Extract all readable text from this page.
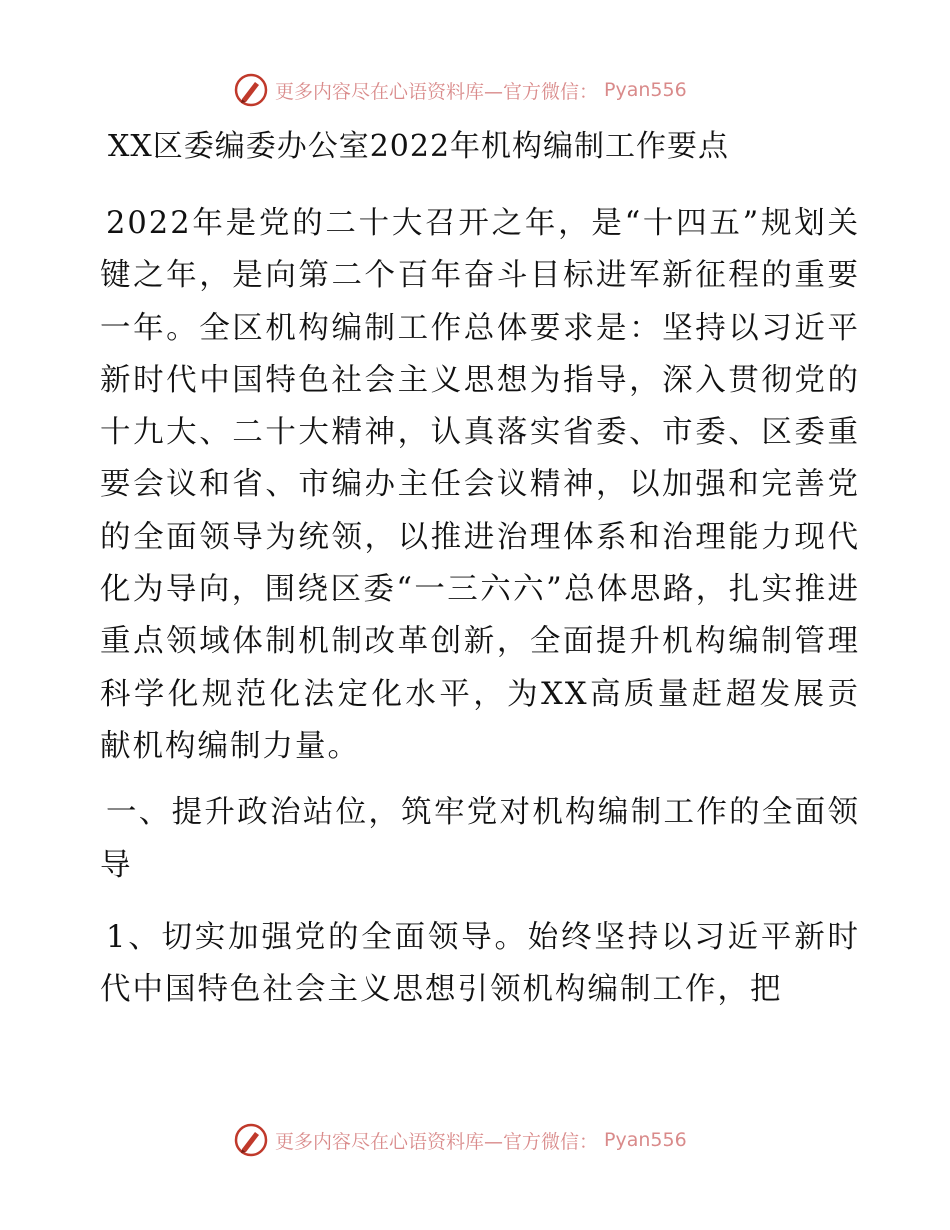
更多内容尽在心语资料库—官方微信： Pyan556
XX区委编委办公室2022年机构编制工作要点

2022年是党的二十大召开之年，是“十四五”规划关键之年，是向第二个百年奋斗目标进军新征程的重要一年。全区机构编制工作总体要求是：坚持以习近平新时代中国特色社会主义思想为指导，深入贯彻党的十九大、二十大精神，认真落实省委、市委、区委重要会议和省、市编办主任会议精神，以加强和完善党的全面领导为统领，以推进治理体系和治理能力现代化为导向，围绕区委“一三六六”总体思路，扎实推进重点领域体制机制改革创新，全面提升机构编制管理科学化规范化法定化水平，为XX高质量赶超发展贡献机构编制力量。

一、提升政治站位，筑牢党对机构编制工作的全面领导

1、切实加强党的全面领导。始终坚持以习近平新时代中国特色社会主义思想引领机构编制工作，把

更多内容尽在心语资料库—官方微信： Pyan556
